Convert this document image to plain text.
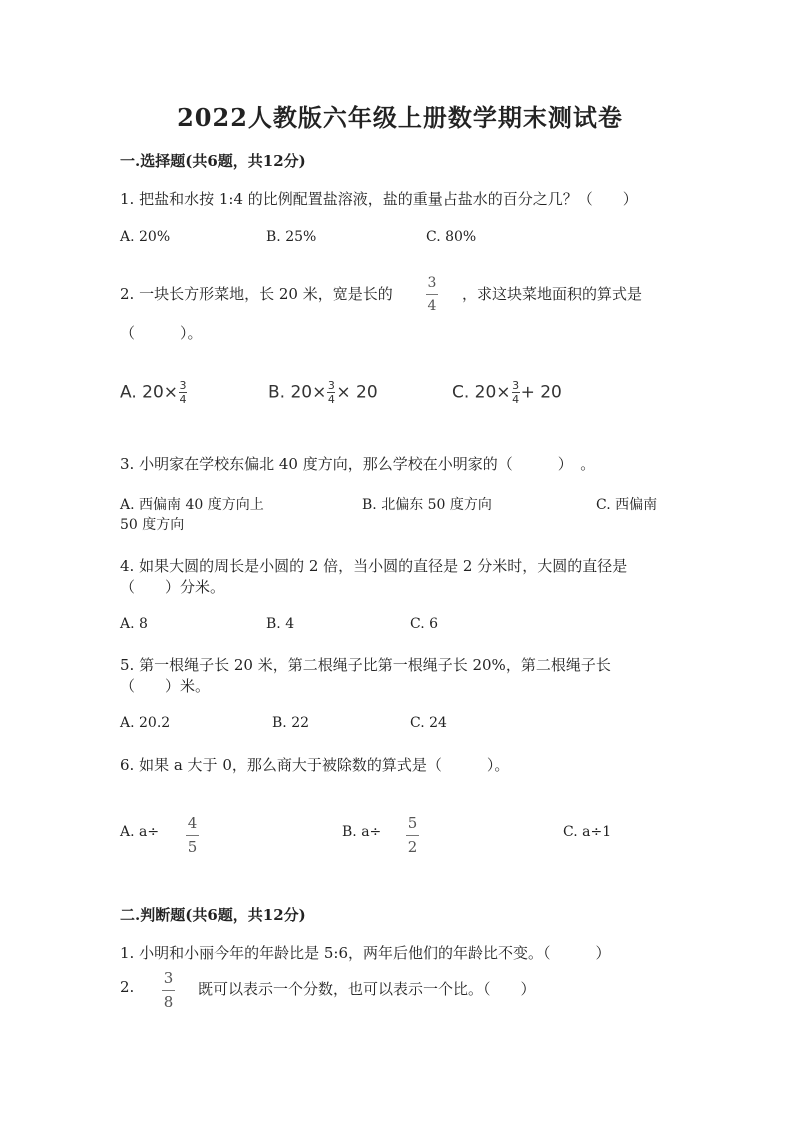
2022人教版六年级上册数学期末测试卷
一.选择题(共6题，共12分)
1. 把盐和水按 1:4 的比例配置盐溶液，盐的重量占盐水的百分之几？（　　）
A. 20%	B. 25%	C. 80%
2. 一块长方形菜地，长 20 米，宽是长的
3
4
，求这块菜地面积的算式是
（　　　）。
A. $20\times \frac{3}{4}$	B. $20\times \frac{3}{4} \times 20$	C. $20\times \frac{3}{4} + 20$
3. 小明家在学校东偏北 40 度方向，那么学校在小明家的（　　　）　。
A. 西偏南 40 度方向上	B. 北偏东 50 度方向	C. 西偏南
50 度方向
4. 如果大圆的周长是小圆的 2 倍，当小圆的直径是 2 分米时，大圆的直径是
（　　）分米。
A. 8	B. 4	C. 6
5. 第一根绳子长 20 米，第二根绳子比第一根绳子长 20%，第二根绳子长
（　　）米。
A. 20.2	B. 22	C. 24
6. 如果 a 大于 0，那么商大于被除数的算式是（　　　）。
A. a÷ 4
5
B. a÷ 5
2
C. a÷1
二.判断题(共6题，共12分)
1. 小明和小丽今年的年龄比是 5:6，两年后他们的年龄比不变。（　　　）
2. 3
8
既可以表示一个分数，也可以表示一个比。（　　）
